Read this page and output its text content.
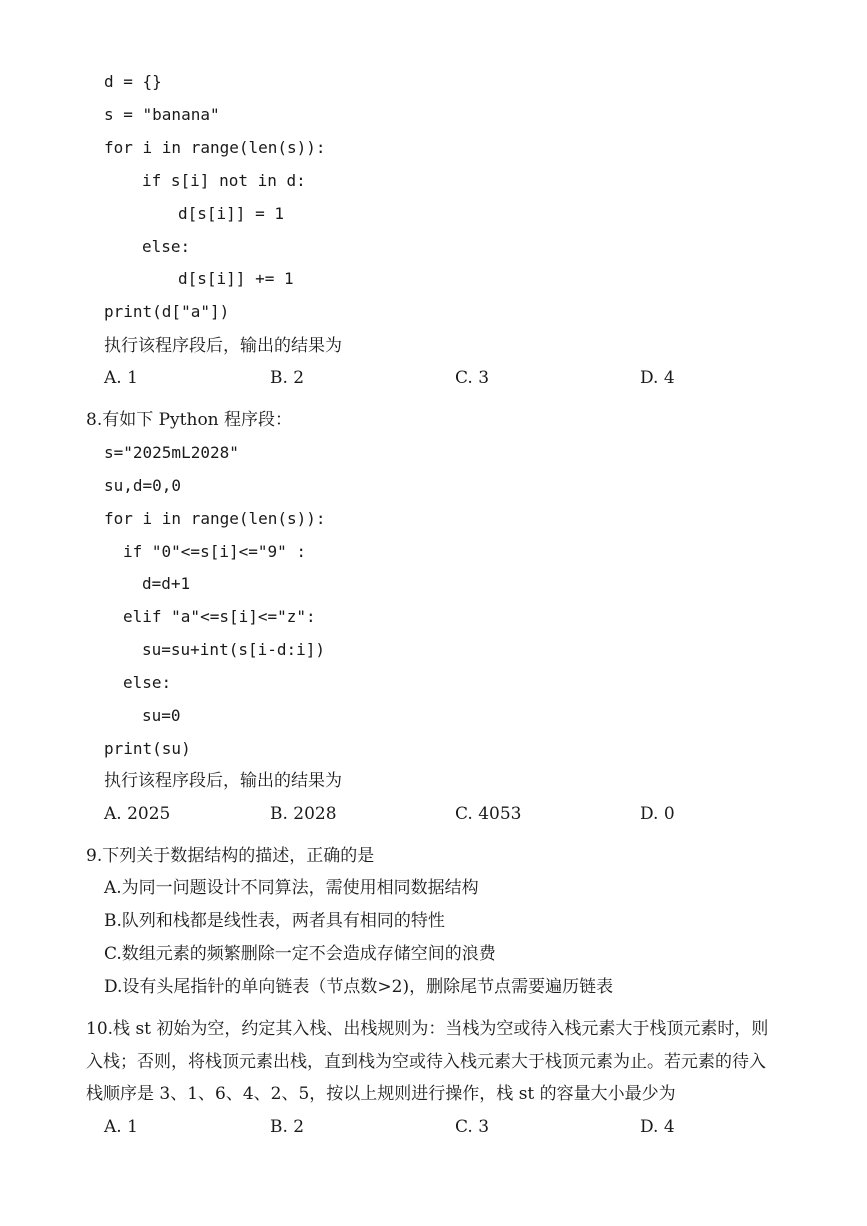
d = {}
s = "banana"
for i in range(len(s)):
if s[i] not in d:
d[s[i]] = 1
else:
d[s[i]] += 1
print(d["a"])
执行该程序段后，输出的结果为
A. 1	B. 2	C. 3	D. 4
8.有如下 Python 程序段：
s="2025mL2028"
su,d=0,0
for i in range(len(s)):
if "0"<=s[i]<="9" :
d=d+1
elif "a"<=s[i]<="z":
su=su+int(s[i-d:i])
else:
su=0
print(su)
执行该程序段后，输出的结果为
A. 2025	B. 2028	C. 4053	D. 0
9.下列关于数据结构的描述，正确的是
A.为同一问题设计不同算法，需使用相同数据结构
B.队列和栈都是线性表，两者具有相同的特性
C.数组元素的频繁删除一定不会造成存储空间的浪费
D.设有头尾指针的单向链表（节点数>2)，删除尾节点需要遍历链表
10.栈 st 初始为空，约定其入栈、出栈规则为：当栈为空或待入栈元素大于栈顶元素时，则
入栈；否则，将栈顶元素出栈，直到栈为空或待入栈元素大于栈顶元素为止。若元素的待入
栈顺序是 3、1、6、4、2、5，按以上规则进行操作，栈 st 的容量大小最少为
A. 1	B. 2	C. 3	D. 4
